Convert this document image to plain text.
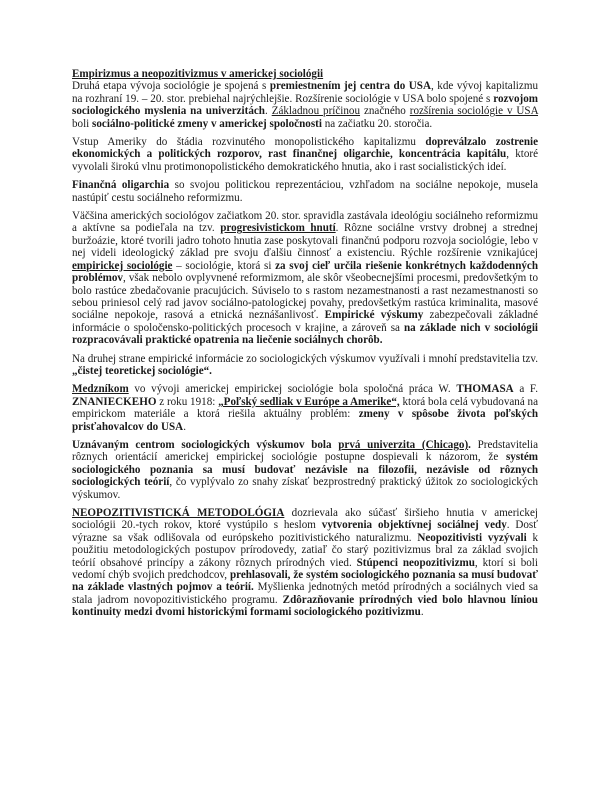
Empirizmus a neopozitivizmus v americkej sociológii

Druhá etapa vývoja sociológie je spojená s premiestnením jej centra do USA, kde vývoj kapitalizmu na rozhraní 19. – 20. stor. prebiehal najrýchlejšie. Rozšírenie sociológie v USA bolo spojené s rozvojom sociologického myslenia na univerzitách. Základnou príčinou značného rozšírenia sociológie v USA boli sociálno-politické zmeny v americkej spoločnosti na začiatku 20. storočia.

Vstup Ameriky do štádia rozvinutého monopolistického kapitalizmu dopreválzalo zostrenie ekonomických a politických rozporov, rast finančnej oligarchie, koncentrácia kapitálu, ktoré vyvolali širokú vlnu protimonopolistického demokratického hnutia, ako i rast socialistických ideí.

Finančná oligarchia so svojou politickou reprezentáciou, vzhľadom na sociálne nepokoje, musela nastúpiť cestu sociálneho reformizmu.

Väčšina amerických sociológov začiatkom 20. stor. spravidla zastávala ideológiu sociálneho reformizmu a aktívne sa podieľala na tzv. progresivistickom hnutí. Rôzne sociálne vrstvy drobnej a strednej buržoázie, ktoré tvorili jadro tohoto hnutia zase poskytovali finančnú podporu rozvoja sociológie, lebo v nej videli ideologický základ pre svoju ďalšiu činnosť a existenciu. Rýchle rozšírenie vznikajúcej empirickej sociológie – sociológie, ktorá si za svoj cieľ určila riešenie konkrétnych každodenných problémov, však nebolo ovplyvnené reformizmom, ale skôr všeobecnejšími procesmi, predovšetkým to bolo rastúce zbedačovanie pracujúcich. Súviselo to s rastom nezamestnanosti a rast nezamestnanosti so sebou priniesol celý rad javov sociálno-patologickej povahy, predovšetkým rastúca kriminalita, masové sociálne nepokoje, rasová a etnická neznášanlivosť. Empirické výskumy zabezpečovali základné informácie o spoločensko-politických procesoch v krajine, a zároveň sa na základe nich v sociológii rozpracovávali praktické opatrenia na liečenie sociálnych chorôb.

Na druhej strane empirické informácie zo sociologických výskumov využívali i mnohí predstavitelia tzv. „čistej teoretickej sociológie“.

Medzníkom vo vývoji americkej empirickej sociológie bola spoločná práca W. THOMASA a F. ZNANIECKEHO z roku 1918: „Poľský sedliak v Európe a Amerike“, ktorá bola celá vybudovaná na empirickom materiále a ktorá riešila aktuálny problém: zmeny v spôsobe života poľských prisťahovalcov do USA.

Uznávaným centrom sociologických výskumov bola prvá univerzita (Chicago). Predstavitelia rôznych orientácií americkej empirickej sociológie postupne dospievali k názorom, že systém sociologického poznania sa musí budovať nezávisle na filozofii, nezávisle od rôznych sociologických teórií, čo vyplývalo zo snahy získať bezprostredný praktický úžitok zo sociologických výskumov.

NEOPOZITIVISTICKÁ METODOLÓGIA dozrievala ako súčasť širšieho hnutia v americkej sociológii 20.-tych rokov, ktoré vystúpilo s heslom vytvorenia objektívnej sociálnej vedy. Dosť výrazne sa však odlišovala od európskeho pozitivistického naturalizmu. Neopozitivisti vyzývali k použitiu metodologických postupov prírodovedy, zatiaľ čo starý pozitivizmus bral za základ svojich teórií obsahové princípy a zákony rôznych prírodných vied. Stúpenci neopozitivizmu, ktorí si boli vedomí chýb svojich predchodcov, prehlasovali, že systém sociologického poznania sa musí budovať na základe vlastných pojmov a teórií. Myšlienka jednotných metód prírodných a sociálnych vied sa stala jadrom novopozitivistického programu. Zdôrazňovanie prírodných vied bolo hlavnou líniou kontinuity medzi dvomi historickými formami sociologického pozitivizmu.
